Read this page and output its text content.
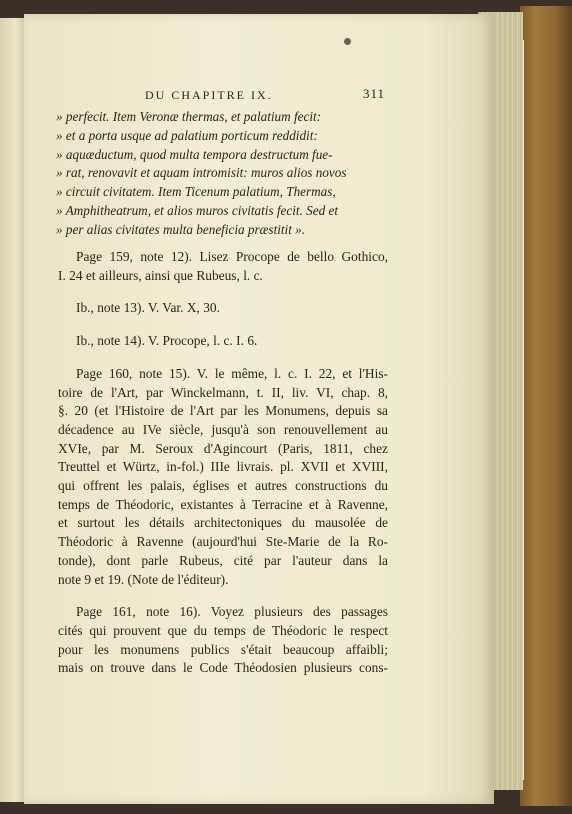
DU CHAPITRE IX.	311
» perfecit. Item Veronæ thermas, et palatium fecit:
» et a porta usque ad palatium porticum reddidit:
» aquæductum, quod multa tempora destructum fue-
» rat, renovavit et aquam intromisit: muros alios novos
» circuit civitatem. Item Ticenum palatium, Thermas,
» Amphitheatrum, et alios muros civitatis fecit. Sed et
» per alias civitates multa beneficia præstitit ».
Page 159, note 12). Lisez Procope de bello Gothico,
I. 24 et ailleurs, ainsi que Rubeus, l. c.
Ib., note 13). V. Var. X, 30.
Ib., note 14). V. Procope, l. c. I. 6.
Page 160, note 15). V. le même, l. c. I. 22, et l'His-
toire de l'Art, par Winckelmann, t. II, liv. VI, chap. 8,
§. 20 (et l'Histoire de l'Art par les Monumens, depuis sa
décadence au IVe siècle, jusqu'à son renouvellement au
XVIe, par M. Seroux d'Agincourt (Paris, 1811, chez
Treuttel et Würtz, in-fol.) IIIe livrais. pl. XVII et XVIII,
qui offrent les palais, églises et autres constructions du
temps de Théodoric, existantes à Terracine et à Ravenne,
et surtout les détails architectoniques du mausolée de
Théodoric à Ravenne (aujourd'hui Ste-Marie de la Ro-
tonde), dont parle Rubeus, cité par l'auteur dans la
note 9 et 19. (Note de l'éditeur).
Page 161, note 16). Voyez plusieurs des passages
cités qui prouvent que du temps de Théodoric le respect
pour les monumens publics s'était beaucoup affaibli;
mais on trouve dans le Code Théodosien plusieurs cons-
